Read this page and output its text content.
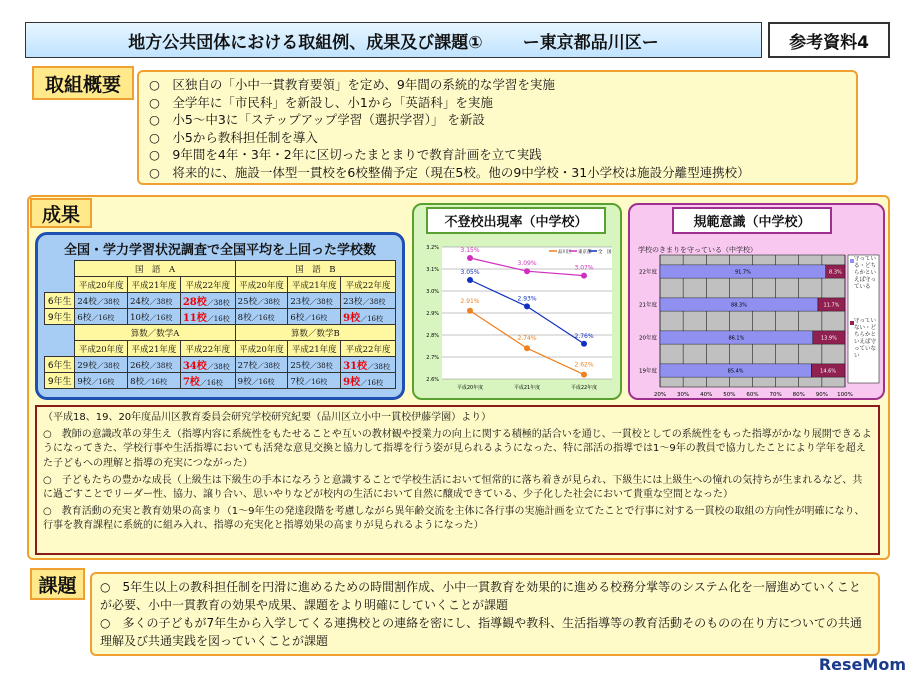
地方公共団体における取組例、成果及び課題① ー東京都品川区ー	参考資料4
取組概要	○　区独自の「小中一貫教育要領」を定め、9年間の系統的な学習を実施
○　全学年に「市民科」を新設し、小1から「英語科」を実施
○　小5～中3に「ステップアップ学習（選択学習）」 を新設
○　小5から教科担任制を導入
○　9年間を4年・3年・2年に区切ったまとまりで教育計画を立て実践
○　将来的に、施設一体型一貫校を6校整備予定（現在5校。他の9中学校・31小学校は施設分離型連携校）
成果
全国・学力学習状況調査で全国平均を上回った学校数
	国　語　A			国　語　B		
	平成20年度	平成21年度	平成22年度	平成20年度	平成21年度	平成22年度
6年生	24校／38校	24校／38校	28校／38校	25校／38校	23校／38校	23校／38校
9年生	6校／16校	10校／16校	11校／16校	8校／16校	6校／16校	9校／16校
	算数／数学A			算数／数学B		
	平成20年度	平成21年度	平成22年度	平成20年度	平成21年度	平成22年度
6年生	29校／38校	26校／38校	34校／38校	27校／38校	25校／38校	31校／38校
9年生	9校／16校	8校／16校	7校／16校	9校／16校	7校／16校	9校／16校
不登校出現率（中学校）
2.6%
2.7%
2.8%
2.9%
3.0%
3.1%
3.2%
平成20年度	平成21年度	平成22年度
2.91%
2.74%
2.62%
品川区
3.15%
3.09%
3.07%
東京都
3.05%
2.93%
2.76%
全　国
規範意識（中学校）
学校のきまりを守っている（中学校）
20% 30% 40% 50% 60% 70% 80% 90% 100%
22年度	91.7%	8.3%
21年度	88.3%	11.7%
20年度	86.1%	13.9%
19年度	85.4%	14.6%
守っている・どちらかといえば守っている
守っていない・どちらかといえば守っていない

（平成18、19、20年度品川区教育委員会研究学校研究紀要（品川区立小中一貫校伊藤学園）より）

○　教師の意識改革の芽生え（指導内容に系統性をもたせることや互いの教材観や授業力の向上に関する積極的話合いを通じ、一貫校としての系統性をもった指導がかなり展開できるようになってきた、学校行事や生活指導においても活発な意見交換と協力して指導を行う姿が見られるようになった、特に部活の指導では1～9年の教員で協力したことにより学年を超えた子どもへの理解と指導の充実につながった）

○　子どもたちの豊かな成長（上級生は下級生の手本になろうと意識することで学校生活において恒常的に落ち着きが見られ、下級生には上級生への憧れの気持ちが生まれるなど、共に過ごすことでリーダー性、協力、譲り合い、思いやりなどが校内の生活において自然に醸成できている、少子化した社会において貴重な空間となった）

○　教育活動の充実と教育効果の高まり（1～9年生の発達段階を考慮しながら異年齢交流を主体に各行事の実施計画を立てたことで行事に対する一貫校の取組の方向性が明確になり、行事を教育課程に系統的に組み入れ、指導の充実化と指導効果の高まりが見られるようになった）

課題	○　5年生以上の教科担任制を円滑に進めるための時間割作成、小中一貫教育を効果的に進める校務分掌等のシステム化を一層進めていくことが必要、小中一貫教育の効果や成果、課題をより明確にしていくことが課題
○　多くの子どもが7年生から入学してくる連携校との連絡を密にし、指導観や教科、生活指導等の教育活動そのものの在り方についての共通理解及び共通実践を図っていくことが課題
ReseMom
